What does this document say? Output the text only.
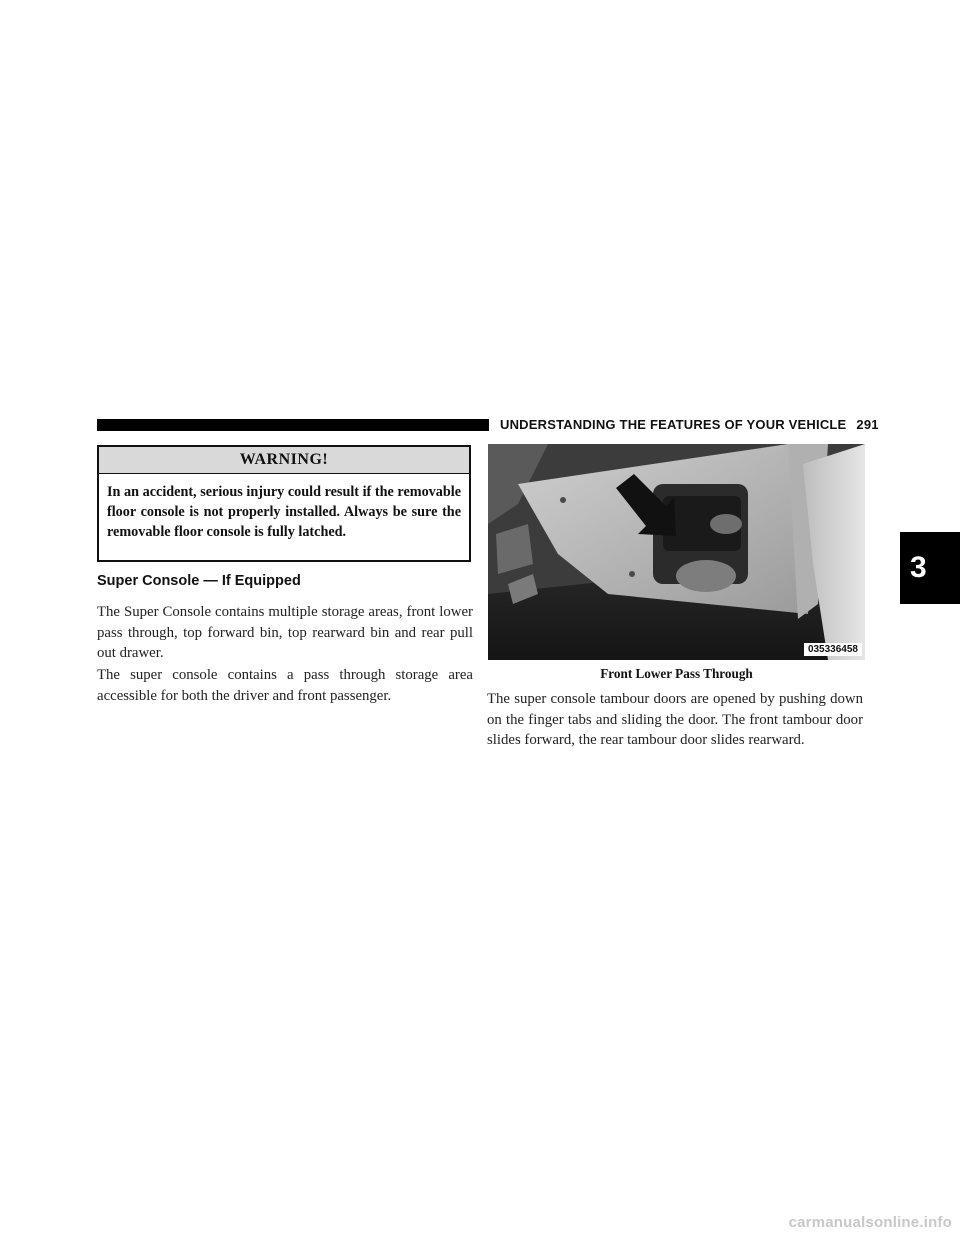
UNDERSTANDING THE FEATURES OF YOUR VEHICLE 291
WARNING!
In an accident, serious injury could result if the removable floor console is not properly installed. Always be sure the removable floor console is fully latched.
Super Console — If Equipped
The Super Console contains multiple storage areas, front lower pass through, top forward bin, top rearward bin and rear pull out drawer.
The super console contains a pass through storage area accessible for both the driver and front passenger.
035336458
Front Lower Pass Through
The super console tambour doors are opened by pushing down on the finger tabs and sliding the door. The front tambour door slides forward, the rear tambour door slides rearward.
3
carmanualsonline.info
